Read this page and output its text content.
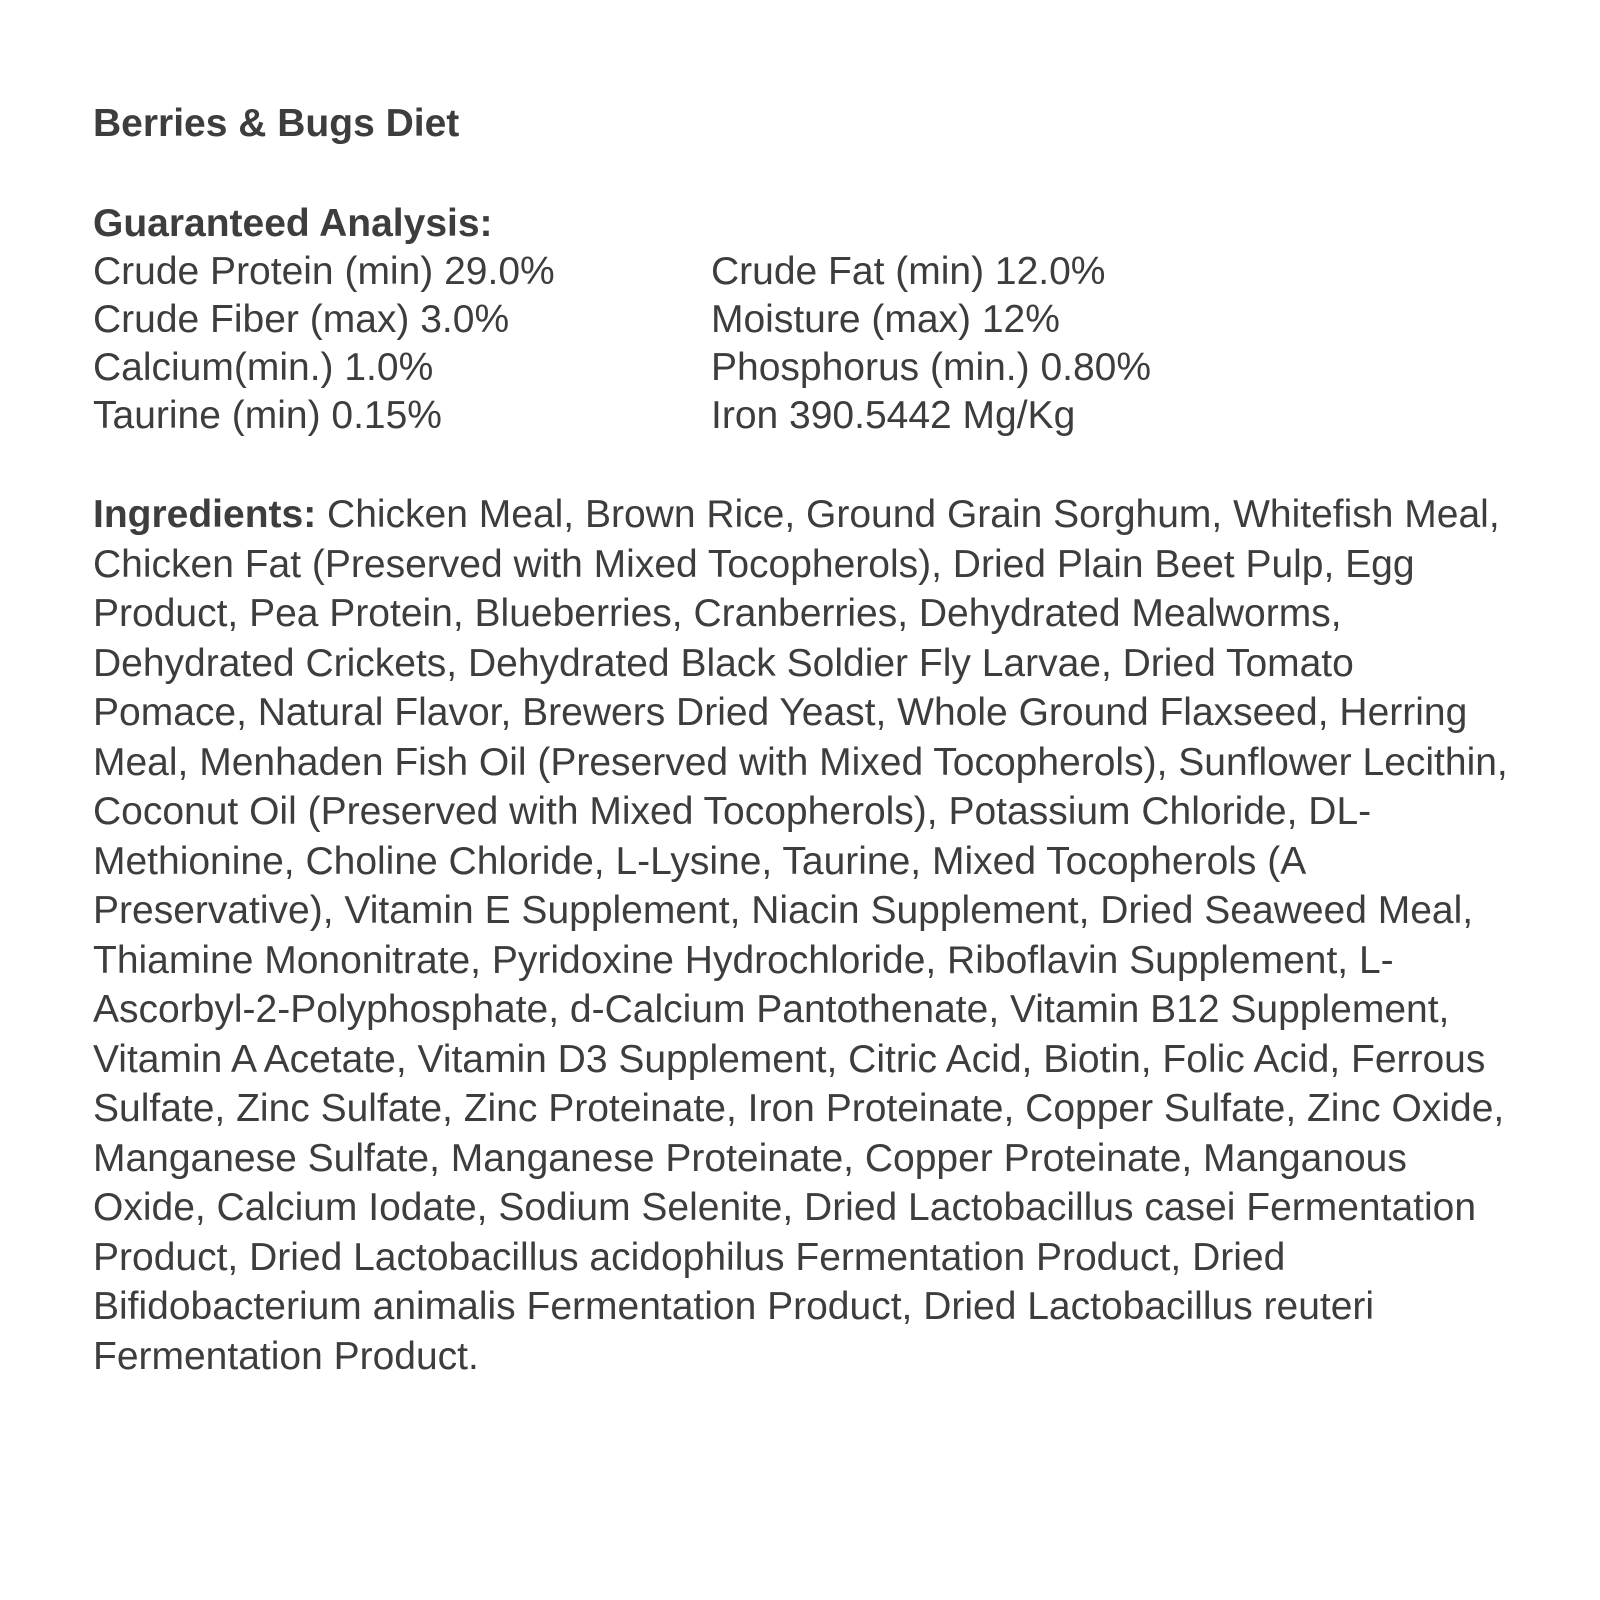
Berries & Bugs Diet

Guaranteed Analysis:

Crude Protein (min) 29.0%	Crude Fat (min) 12.0%
Crude Fiber (max) 3.0%	Moisture (max) 12%
Calcium(min.) 1.0%	Phosphorus (min.) 0.80%
Taurine (min) 0.15%	Iron 390.5442 Mg/Kg

Ingredients: Chicken Meal, Brown Rice, Ground Grain Sorghum, Whitefish Meal, Chicken Fat (Preserved with Mixed Tocopherols), Dried Plain Beet Pulp, Egg Product, Pea Protein, Blueberries, Cranberries, Dehydrated Mealworms, Dehydrated Crickets, Dehydrated Black Soldier Fly Larvae, Dried Tomato Pomace, Natural Flavor, Brewers Dried Yeast, Whole Ground Flaxseed, Herring Meal, Menhaden Fish Oil (Preserved with Mixed Tocopherols), Sunflower Lecithin, Coconut Oil (Preserved with Mixed Tocopherols), Potassium Chloride, DL-Methionine, Choline Chloride, L-Lysine, Taurine, Mixed Tocopherols (A Preservative), Vitamin E Supplement, Niacin Supplement, Dried Seaweed Meal, Thiamine Mononitrate, Pyridoxine Hydrochloride, Riboflavin Supplement, L-Ascorbyl-2-Polyphosphate, d-Calcium Pantothenate, Vitamin B12 Supplement, Vitamin A Acetate, Vitamin D3 Supplement, Citric Acid, Biotin, Folic Acid, Ferrous Sulfate, Zinc Sulfate, Zinc Proteinate, Iron Proteinate, Copper Sulfate, Zinc Oxide, Manganese Sulfate, Manganese Proteinate, Copper Proteinate, Manganous Oxide, Calcium Iodate, Sodium Selenite, Dried Lactobacillus casei Fermentation Product, Dried Lactobacillus acidophilus Fermentation Product, Dried Bifidobacterium animalis Fermentation Product, Dried Lactobacillus reuteri Fermentation Product.
